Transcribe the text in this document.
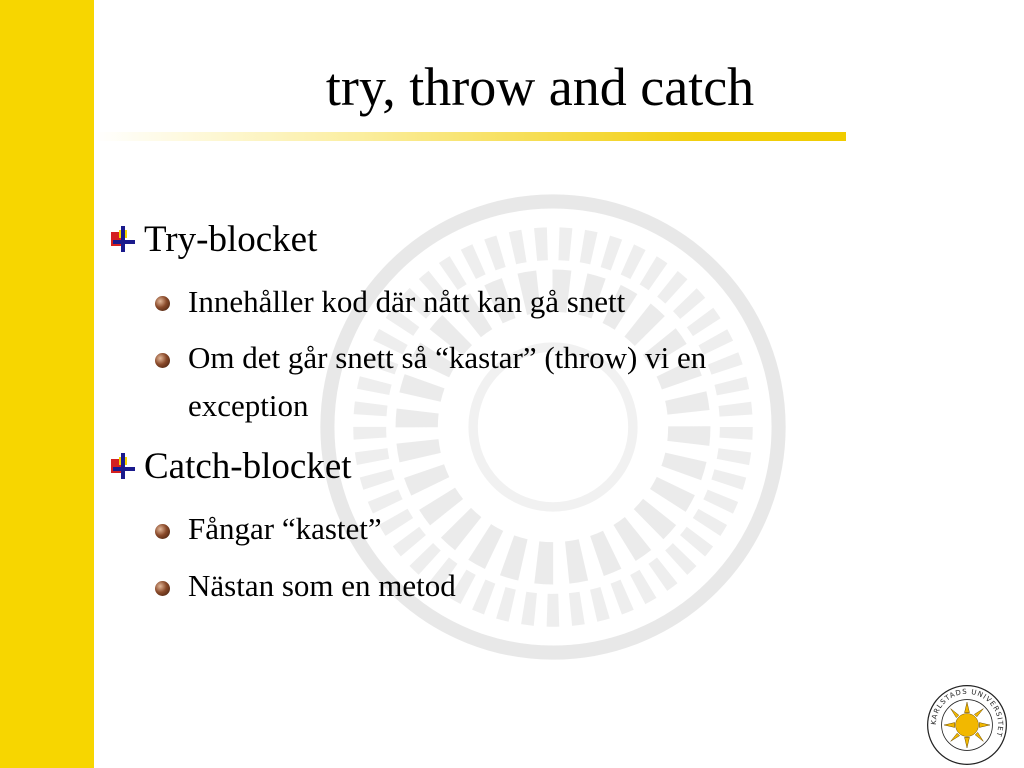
try, throw and catch
Try-blocket
Innehåller kod där nått kan gå snett
Om det går snett så “kastar” (throw) vi en
exception
Catch-blocket
Fångar “kastet”
Nästan som en metod
KARLSTADS UNIVERSITET
